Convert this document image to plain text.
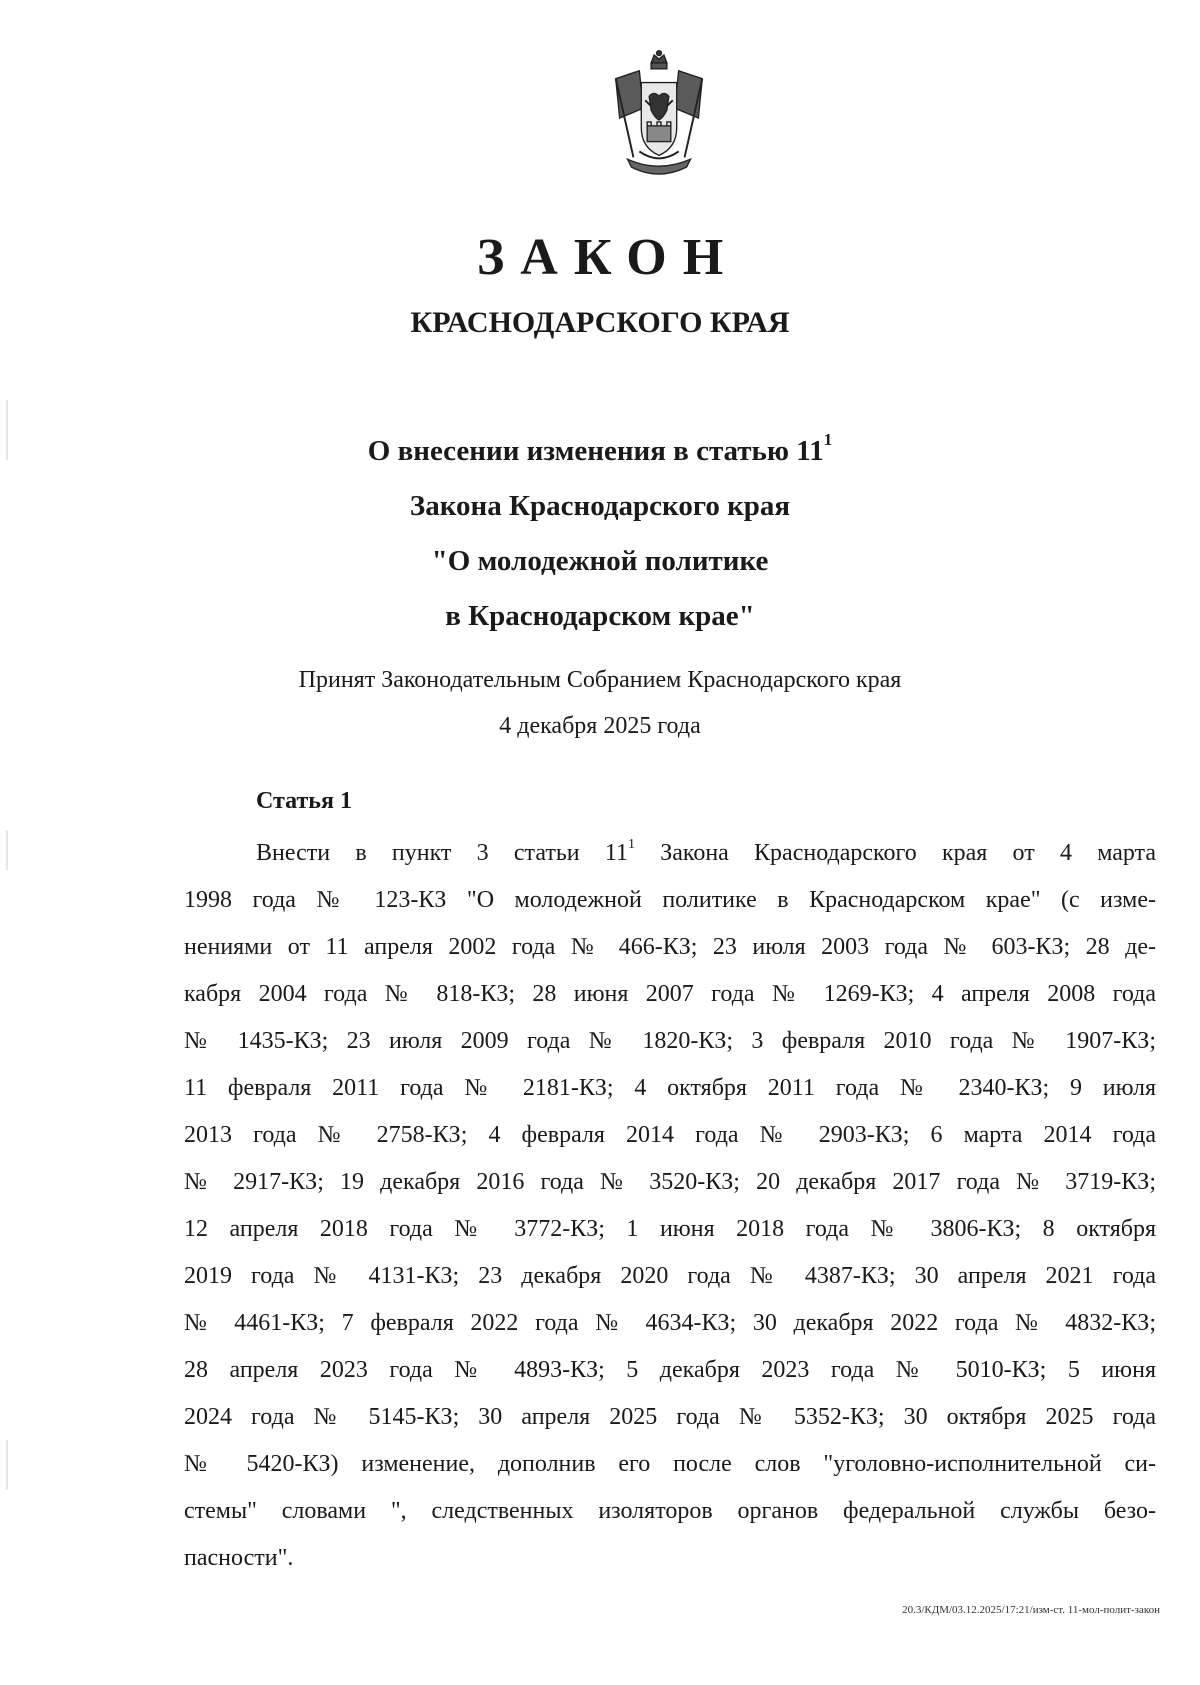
ЗАКОН
КРАСНОДАРСКОГО КРАЯ
О внесении изменения в статью $11^1$
Закона Краснодарского края
"О молодежной политике
в Краснодарском крае"
Принят Законодательным Собранием Краснодарского края
4 декабря 2025 года
Статья 1
Внести в пункт 3 статьи $11^1$ Закона Краснодарского края от 4 марта
1998 года № 123-КЗ "О молодежной политике в Краснодарском крае" (с изме-
нениями от 11 апреля 2002 года № 466-КЗ; 23 июля 2003 года № 603-КЗ; 28 де-
кабря 2004 года № 818-КЗ; 28 июня 2007 года № 1269-КЗ; 4 апреля 2008 года
№ 1435-КЗ; 23 июля 2009 года № 1820-КЗ; 3 февраля 2010 года № 1907-КЗ;
11 февраля 2011 года № 2181-КЗ; 4 октября 2011 года № 2340-КЗ; 9 июля
2013 года № 2758-КЗ; 4 февраля 2014 года № 2903-КЗ; 6 марта 2014 года
№ 2917-КЗ; 19 декабря 2016 года № 3520-КЗ; 20 декабря 2017 года № 3719-КЗ;
12 апреля 2018 года № 3772-КЗ; 1 июня 2018 года № 3806-КЗ; 8 октября
2019 года № 4131-КЗ; 23 декабря 2020 года № 4387-КЗ; 30 апреля 2021 года
№ 4461-КЗ; 7 февраля 2022 года № 4634-КЗ; 30 декабря 2022 года № 4832-КЗ;
28 апреля 2023 года № 4893-КЗ; 5 декабря 2023 года № 5010-КЗ; 5 июня
2024 года № 5145-КЗ; 30 апреля 2025 года № 5352-КЗ; 30 октября 2025 года
№ 5420-КЗ) изменение, дополнив его после слов "уголовно-исполнительной си-
стемы" словами ", следственных изоляторов органов федеральной службы безо-
пасности".
20.3/КДМ/03.12.2025/17:21/изм-ст. 11-мол-полит-закон
